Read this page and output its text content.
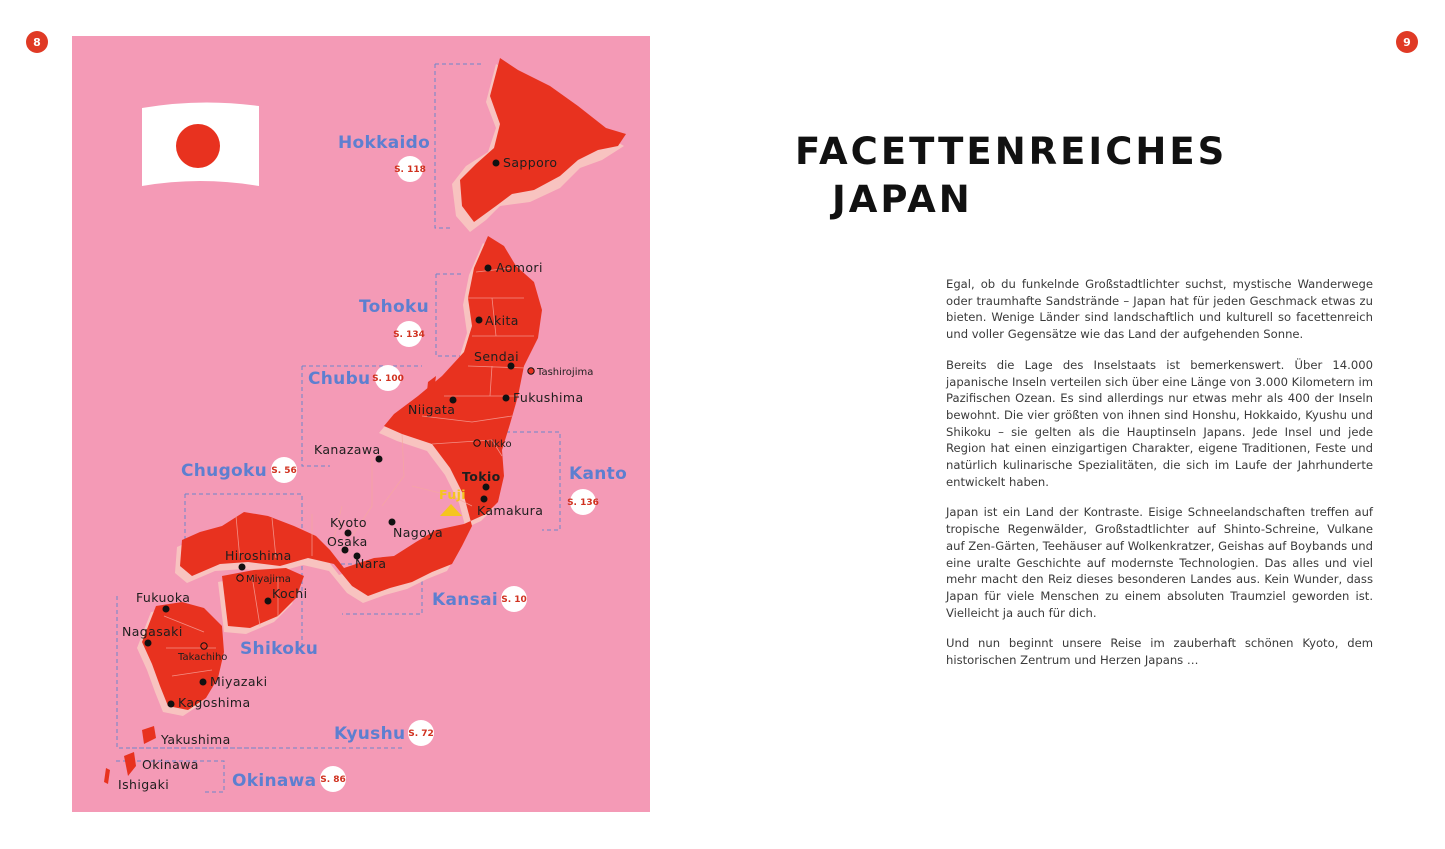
8	9
Hokkaido
Tohoku
Chubu
Chugoku	Kanto
Kansai
Shikoku
Kyushu
Okinawa
S. 118
S. 134
S. 100
S. 56
S. 136
S. 10
S. 72
S. 86
Sapporo
Aomori
Akita
Sendai
Tashirojima
Fukushima
Niigata
Kanazawa	Nikko
Tokio
Fuji
Kamakura
Kyoto
Nagoya
Osaka
Nara
Hiroshima
Miyajima
Kochi
Fukuoka
Nagasaki
Takachiho
Miyazaki
Kagoshima
Yakushima
Okinawa
Ishigaki
FACETTENREICHES
JAPAN

Egal, ob du funkelnde Großstadtlichter suchst, mystische Wanderwege oder traumhafte Sandstrände – Japan hat für jeden Geschmack etwas zu bieten. Wenige Länder sind landschaftlich und kulturell so facettenreich und voller Gegensätze wie das Land der aufgehenden Sonne.

Bereits die Lage des Inselstaats ist bemerkenswert. Über 14.000 japanische Inseln verteilen sich über eine Länge von 3.000 Kilometern im Pazifischen Ozean. Es sind allerdings nur etwas mehr als 400 der Inseln bewohnt. Die vier größten von ihnen sind Honshu, Hokkaido, Kyushu und Shikoku – sie gelten als die Hauptinseln Japans. Jede Insel und jede Region hat einen einzigartigen Charakter, eigene Traditionen, Feste und natürlich kulinarische Spezialitäten, die sich im Laufe der Jahrhunderte entwickelt haben.

Japan ist ein Land der Kontraste. Eisige Schneelandschaften treffen auf tropische Regenwälder, Großstadtlichter auf Shinto-Schreine, Vulkane auf Zen-Gärten, Teehäuser auf Wolkenkratzer, Geishas auf Boybands und eine uralte Geschichte auf modernste Technologien. Das alles und viel mehr macht den Reiz dieses besonderen Landes aus. Kein Wunder, dass Japan für viele Menschen zu einem absoluten Traumziel geworden ist. Vielleicht ja auch für dich.

Und nun beginnt unsere Reise im zauberhaft schönen Kyoto, dem historischen Zentrum und Herzen Japans …
